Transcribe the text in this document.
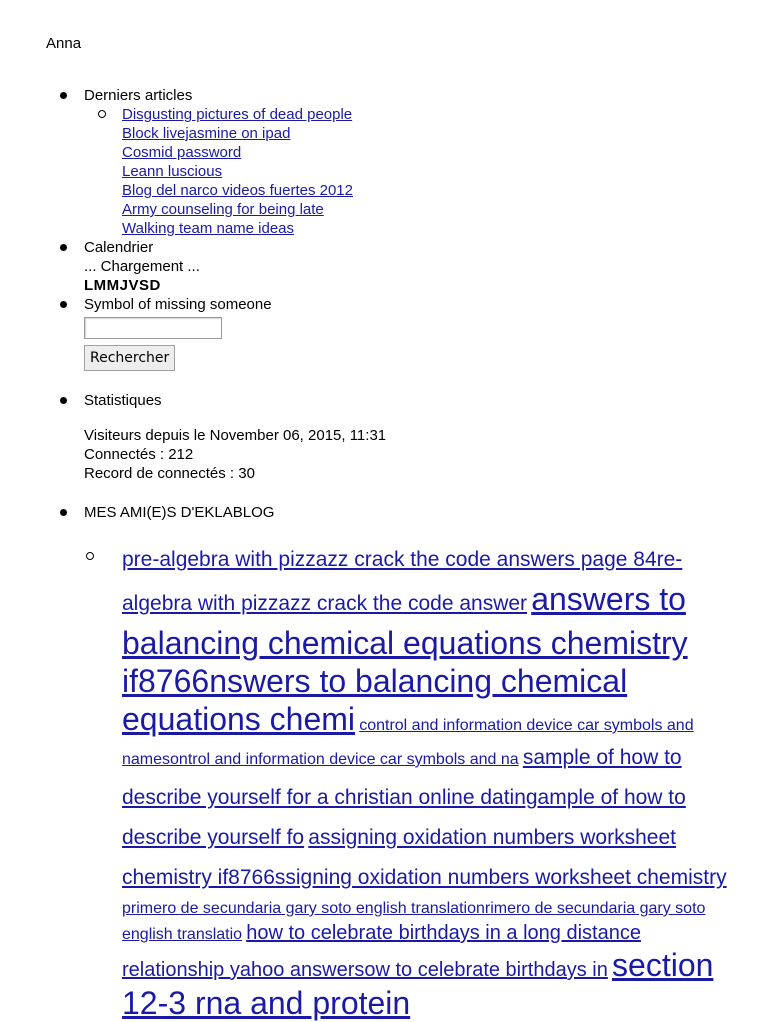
Anna
Derniers articles
Disgusting pictures of dead people
Block livejasmine on ipad
Cosmid password
Leann luscious
Blog del narco videos fuertes 2012
Army counseling for being late
Walking team name ideas
Calendrier
... Chargement ...
LMMJVSD
Symbol of missing someone
Rechercher
Statistiques
Visiteurs depuis le November 06, 2015, 11:31
Connectés : 212
Record de connectés : 30
MES AMI(E)S D'EKLABLOG
pre-algebra with pizzazz crack the code answers page 84re-algebra with pizzazz crack the code answer answers to balancing chemical equations chemistry if8766nswers to balancing chemical equations chemi control and information device car symbols and namesontrol and information device car symbols and na sample of how to describe yourself for a christian online datingample of how to describe yourself fo assigning oxidation numbers worksheet chemistry if8766ssigning oxidation numbers worksheet chemistry primero de secundaria gary soto english translationrimero de secundaria gary soto english translatio how to celebrate birthdays in a long distance relationship yahoo answersow to celebrate birthdays in section 12-3 rna and protein
